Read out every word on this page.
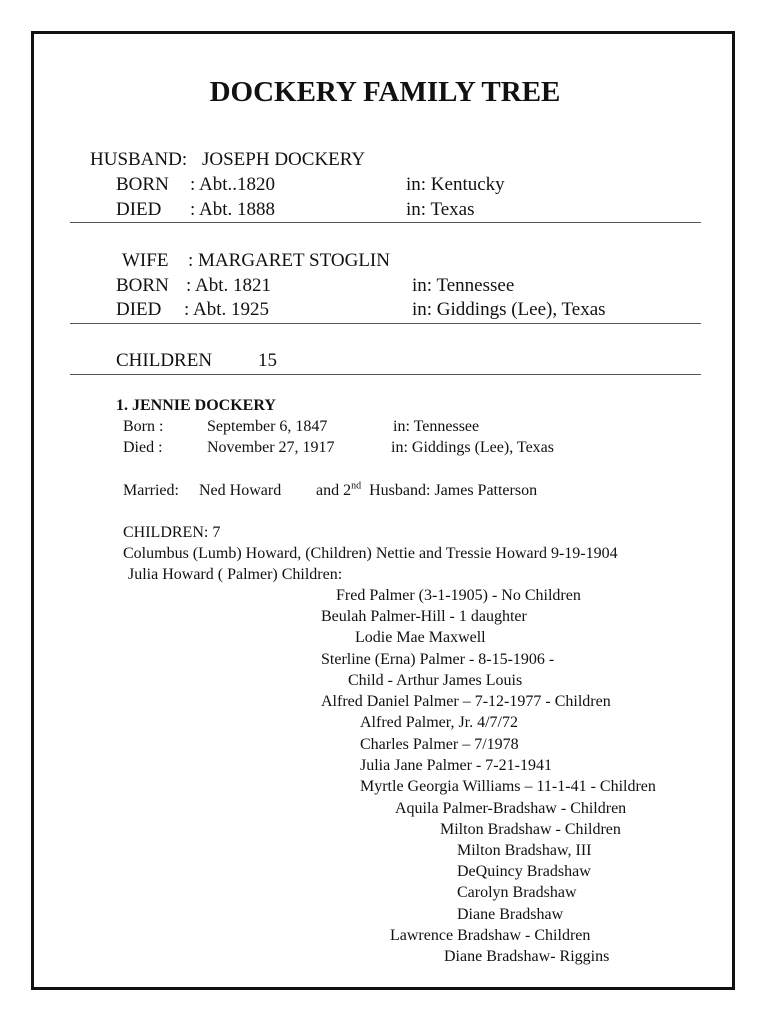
DOCKERY FAMILY TREE
HUSBAND: JOSEPH DOCKERY
BORN : Abt..1820	in: Kentucky
DIED : Abt. 1888	in: Texas
WIFE : MARGARET STOGLIN
BORN : Abt. 1821	in: Tennessee
DIED : Abt. 1925	in: Giddings (Lee), Texas
CHILDREN 15
1. JENNIE DOCKERY
Born :	September 6, 1847	in: Tennessee
Died :	November 27, 1917	in: Giddings (Lee), Texas
Married: Ned Howard and 2nd Husband: James Patterson
CHILDREN: 7
Columbus (Lumb) Howard, (Children) Nettie and Tressie Howard 9-19-1904
Julia Howard ( Palmer) Children:
Fred Palmer (3-1-1905) - No Children
Beulah Palmer-Hill - 1 daughter
Lodie Mae Maxwell
Sterline (Erna) Palmer - 8-15-1906 -
Child - Arthur James Louis
Alfred Daniel Palmer – 7-12-1977 - Children
Alfred Palmer, Jr. 4/7/72
Charles Palmer – 7/1978
Julia Jane Palmer - 7-21-1941
Myrtle Georgia Williams – 11-1-41 - Children
Aquila Palmer-Bradshaw - Children
Milton Bradshaw - Children
Milton Bradshaw, III
DeQuincy Bradshaw
Carolyn Bradshaw
Diane Bradshaw
Lawrence Bradshaw - Children
Diane Bradshaw- Riggins
